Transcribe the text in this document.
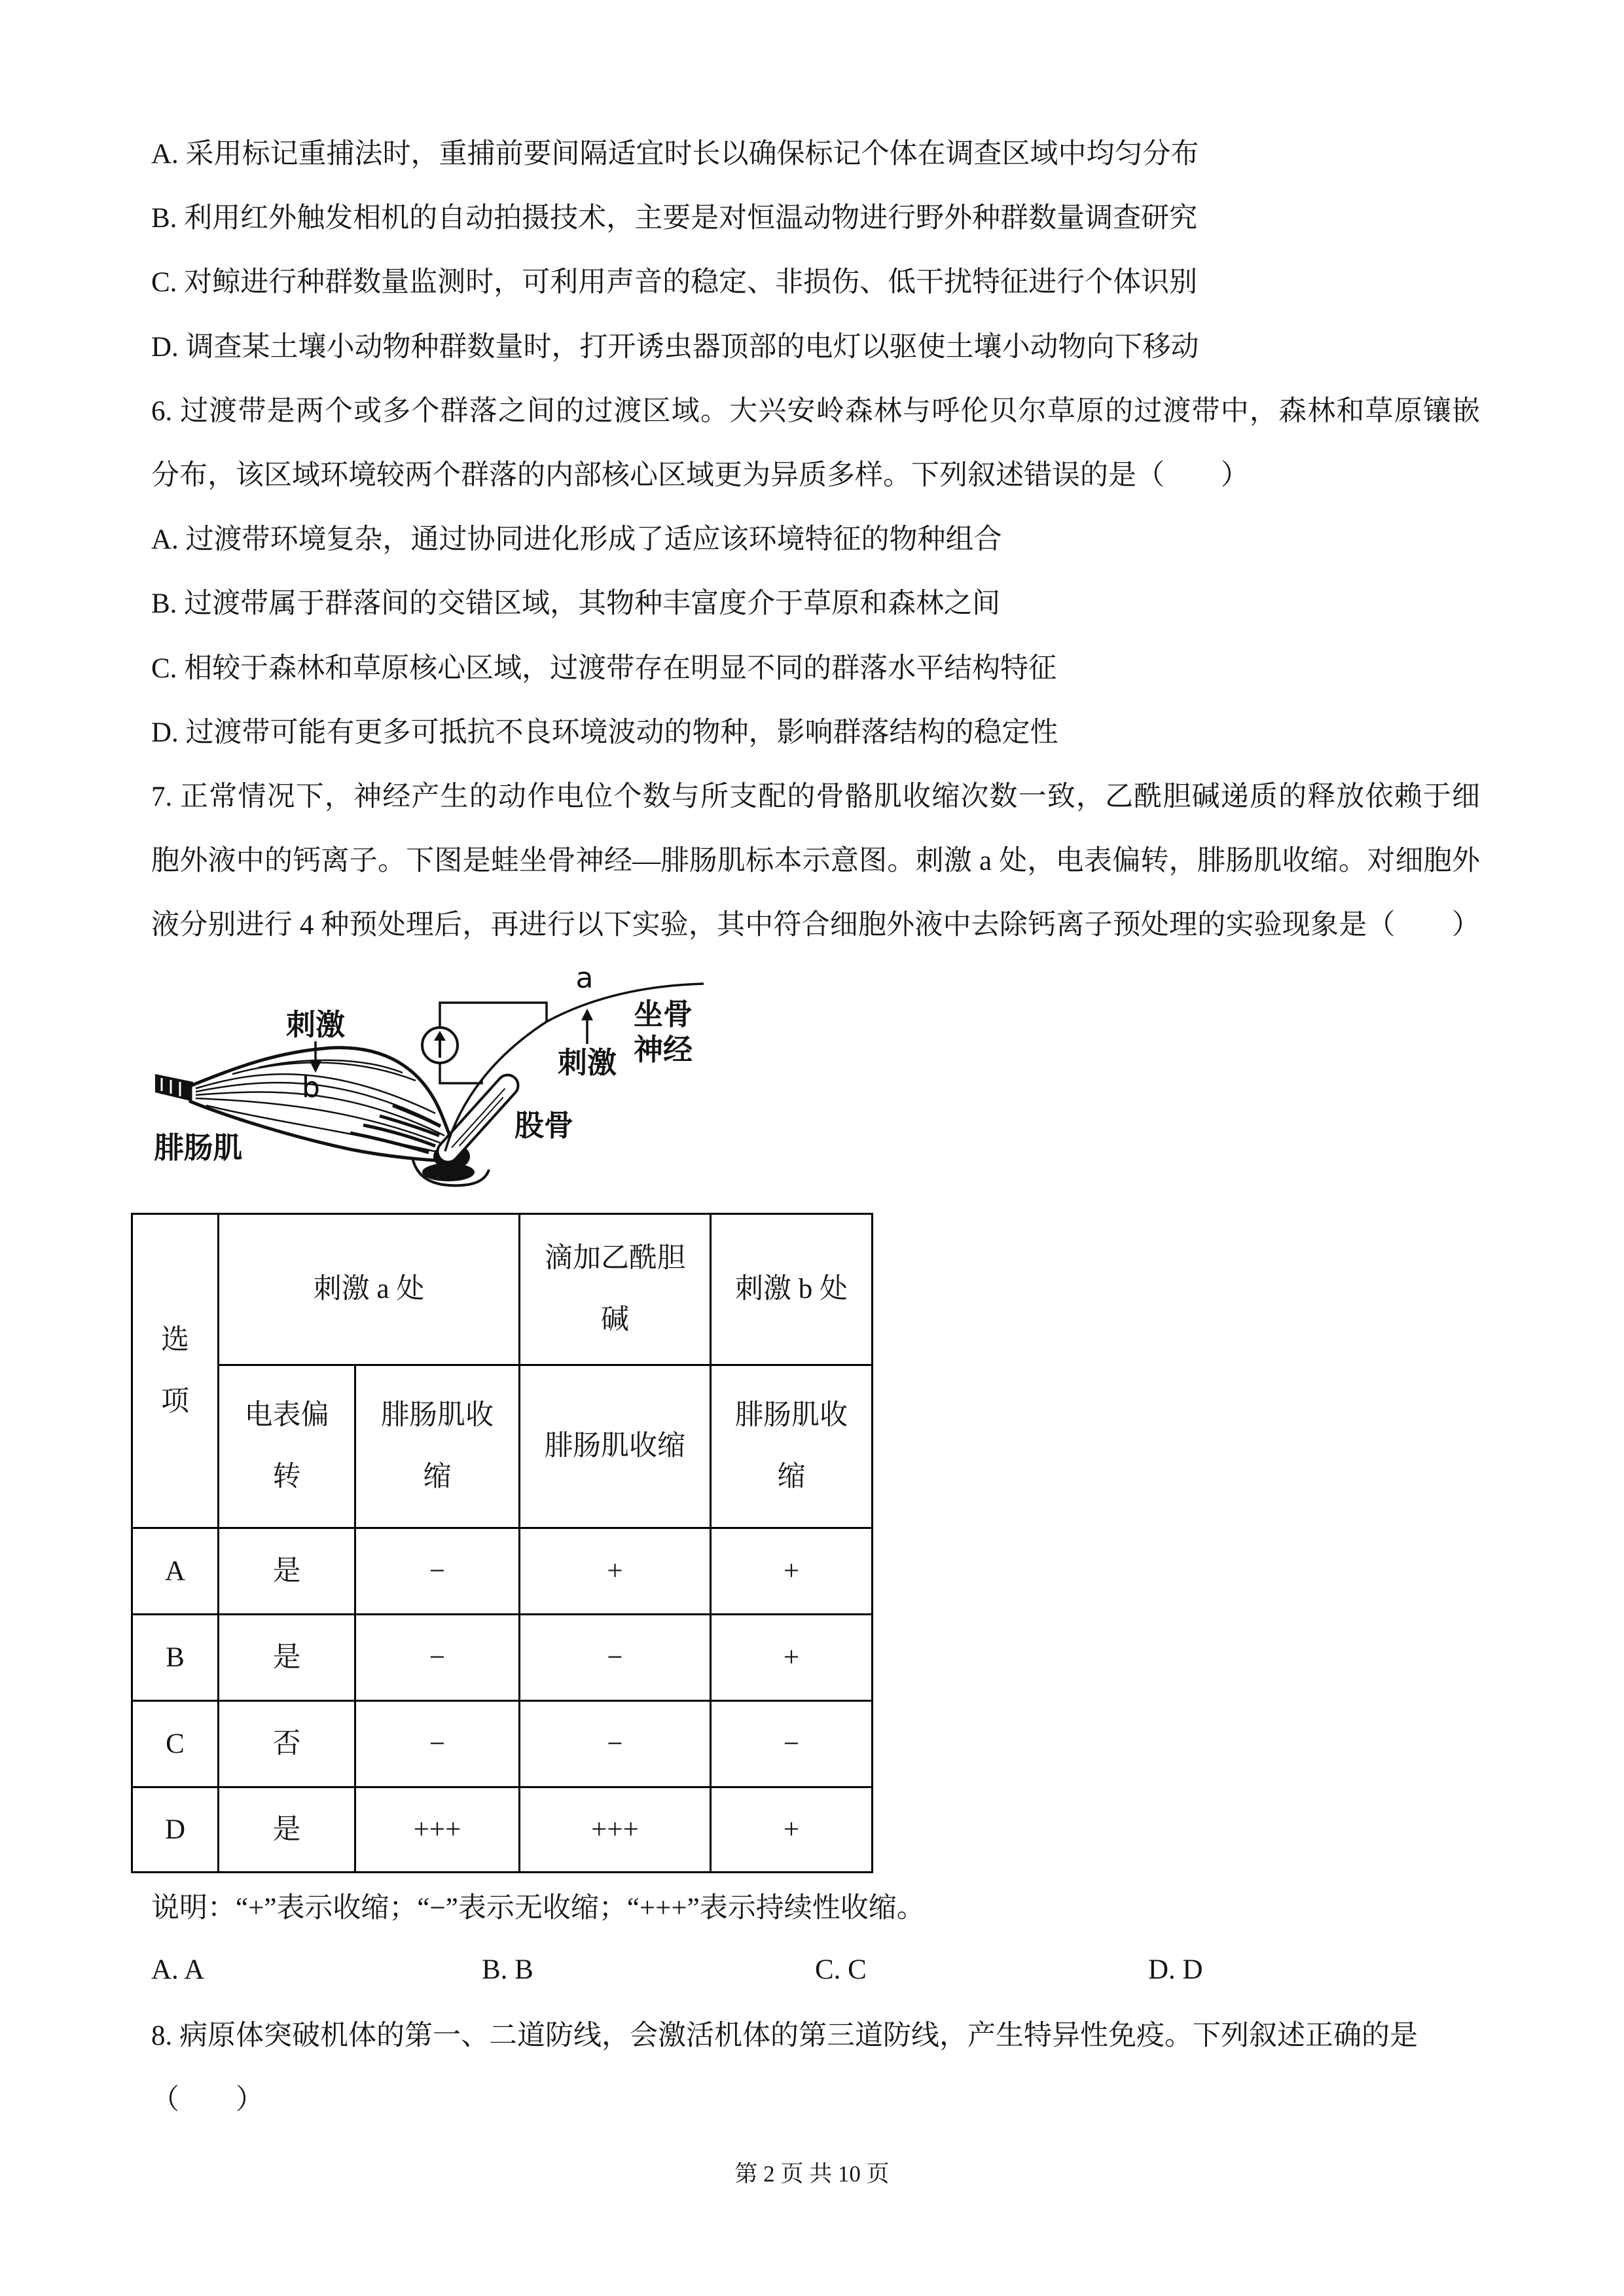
A. 采用标记重捕法时，重捕前要间隔适宜时长以确保标记个体在调查区域中均匀分布
B. 利用红外触发相机的自动拍摄技术，主要是对恒温动物进行野外种群数量调查研究
C. 对鲸进行种群数量监测时，可利用声音的稳定、非损伤、低干扰特征进行个体识别
D. 调查某土壤小动物种群数量时，打开诱虫器顶部的电灯以驱使土壤小动物向下移动
6. 过渡带是两个或多个群落之间的过渡区域。大兴安岭森林与呼伦贝尔草原的过渡带中，森林和草原镶嵌
分布，该区域环境较两个群落的内部核心区域更为异质多样。下列叙述错误的是（　　）
A. 过渡带环境复杂，通过协同进化形成了适应该环境特征的物种组合
B. 过渡带属于群落间的交错区域，其物种丰富度介于草原和森林之间
C. 相较于森林和草原核心区域，过渡带存在明显不同的群落水平结构特征
D. 过渡带可能有更多可抵抗不良环境波动的物种，影响群落结构的稳定性
7. 正常情况下，神经产生的动作电位个数与所支配的骨骼肌收缩次数一致，乙酰胆碱递质的释放依赖于细
胞外液中的钙离子。下图是蛙坐骨神经—腓肠肌标本示意图。刺激 a 处，电表偏转，腓肠肌收缩。对细胞外
液分别进行 4 种预处理后，再进行以下实验，其中符合细胞外液中去除钙离子预处理的实验现象是（　　）
刺激
b
腓肠肌
a
坐骨
神经
刺激
股骨
选项	刺激 a 处		滴加乙酰胆碱	刺激 b 处
	电表偏转	腓肠肌收缩	腓肠肌收缩	腓肠肌收缩
A	是	−	+	+
B	是	−	−	+
C	否	−	−	−
D	是	+++	+++	+
说明：“+”表示收缩；“−”表示无收缩；“+++”表示持续性收缩。
A. A	B. B	C. C	D. D
8. 病原体突破机体的第一、二道防线，会激活机体的第三道防线，产生特异性免疫。下列叙述正确的是（　　）
第 2 页 共 10 页
